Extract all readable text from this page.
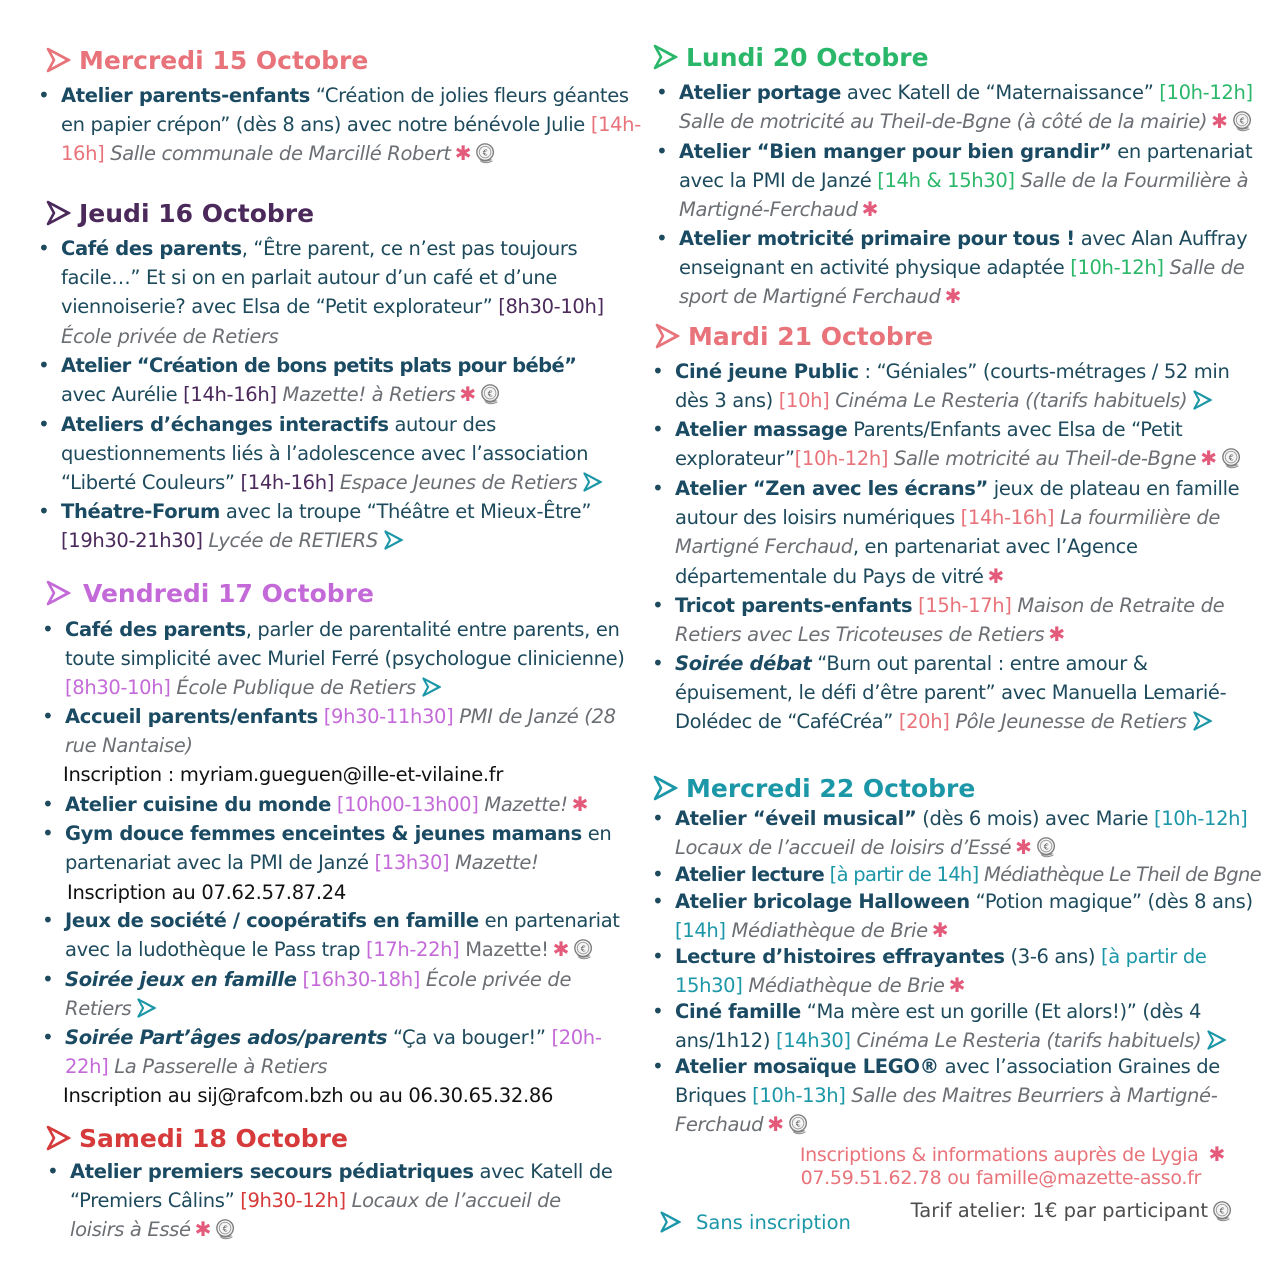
Mercredi 15 Octobre
• Atelier parents-enfants “Création de jolies fleurs géantes en papier crépon” (dès 8 ans) avec notre bénévole Julie [14h-16h] Salle communale de Marcillé Robert ✱
Jeudi 16 Octobre
• Café des parents, “Être parent, ce n’est pas toujours facile…” Et si on en parlait autour d’un café et d’une viennoiserie? avec Elsa de “Petit explorateur” [8h30-10h] École privée de Retiers
• Atelier “Création de bons petits plats pour bébé” avec Aurélie [14h-16h] Mazette! à Retiers ✱
• Ateliers d’échanges interactifs autour des questionnements liés à l’adolescence avec l’association “Liberté Couleurs” [14h-16h] Espace Jeunes de Retiers
• Théatre-Forum avec la troupe “Théâtre et Mieux-Être” [19h30-21h30] Lycée de RETIERS
Vendredi 17 Octobre
• Café des parents, parler de parentalité entre parents, en toute simplicité avec Muriel Ferré (psychologue clinicienne) [8h30-10h] École Publique de Retiers
• Accueil parents/enfants [9h30-11h30] PMI de Janzé (28 rue Nantaise)
Inscription : myriam.gueguen@ille-et-vilaine.fr
• Atelier cuisine du monde [10h00-13h00] Mazette! ✱
• Gym douce femmes enceintes & jeunes mamans en partenariat avec la PMI de Janzé [13h30] Mazette!
Inscription au 07.62.57.87.24
• Jeux de société / coopératifs en famille en partenariat avec la ludothèque le Pass trap [17h-22h] Mazette! ✱
• Soirée jeux en famille [16h30-18h] École privée de Retiers
• Soirée Part’âges ados/parents “Ça va bouger!” [20h-22h] La Passerelle à Retiers
Inscription au sij@rafcom.bzh ou au 06.30.65.32.86
Samedi 18 Octobre
• Atelier premiers secours pédiatriques avec Katell de “Premiers Câlins” [9h30-12h] Locaux de l’accueil de loisirs à Essé ✱
Lundi 20 Octobre
• Atelier portage avec Katell de “Maternaissance” [10h-12h] Salle de motricité au Theil-de-Bgne (à côté de la mairie) ✱
• Atelier “Bien manger pour bien grandir” en partenariat avec la PMI de Janzé [14h & 15h30] Salle de la Fourmilière à Martigné-Ferchaud ✱
• Atelier motricité primaire pour tous ! avec Alan Auffray enseignant en activité physique adaptée [10h-12h] Salle de sport de Martigné Ferchaud ✱
Mardi 21 Octobre
• Ciné jeune Public : “Géniales” (courts-métrages / 52 min dès 3 ans) [10h] Cinéma Le Resteria ((tarifs habituels)
• Atelier massage Parents/Enfants avec Elsa de “Petit explorateur”[10h-12h] Salle motricité au Theil-de-Bgne ✱
• Atelier “Zen avec les écrans” jeux de plateau en famille autour des loisirs numériques [14h-16h] La fourmilière de Martigné Ferchaud, en partenariat avec l’Agence départementale du Pays de vitré ✱
• Tricot parents-enfants [15h-17h] Maison de Retraite de Retiers avec Les Tricoteuses de Retiers ✱
• Soirée débat “Burn out parental : entre amour & épuisement, le défi d’être parent” avec Manuella Lemarié-Dolédec de “CaféCréa” [20h] Pôle Jeunesse de Retiers
Mercredi 22 Octobre
• Atelier “éveil musical” (dès 6 mois) avec Marie [10h-12h] Locaux de l’accueil de loisirs d’Essé ✱
• Atelier lecture [à partir de 14h] Médiathèque Le Theil de Bgne
• Atelier bricolage Halloween “Potion magique” (dès 8 ans) [14h] Médiathèque de Brie ✱
• Lecture d’histoires effrayantes (3-6 ans) [à partir de 15h30] Médiathèque de Brie ✱
• Ciné famille “Ma mère est un gorille (Et alors!)” (dès 4 ans/1h12) [14h30] Cinéma Le Resteria (tarifs habituels)
• Atelier mosaïque LEGO® avec l’association Graines de Briques [10h-13h] Salle des Maitres Beurriers à Martigné-Ferchaud ✱
Inscriptions & informations auprès de Lygia ✱
07.59.51.62.78 ou famille@mazette-asso.fr
Sans inscription	Tarif atelier: 1€ par participant
